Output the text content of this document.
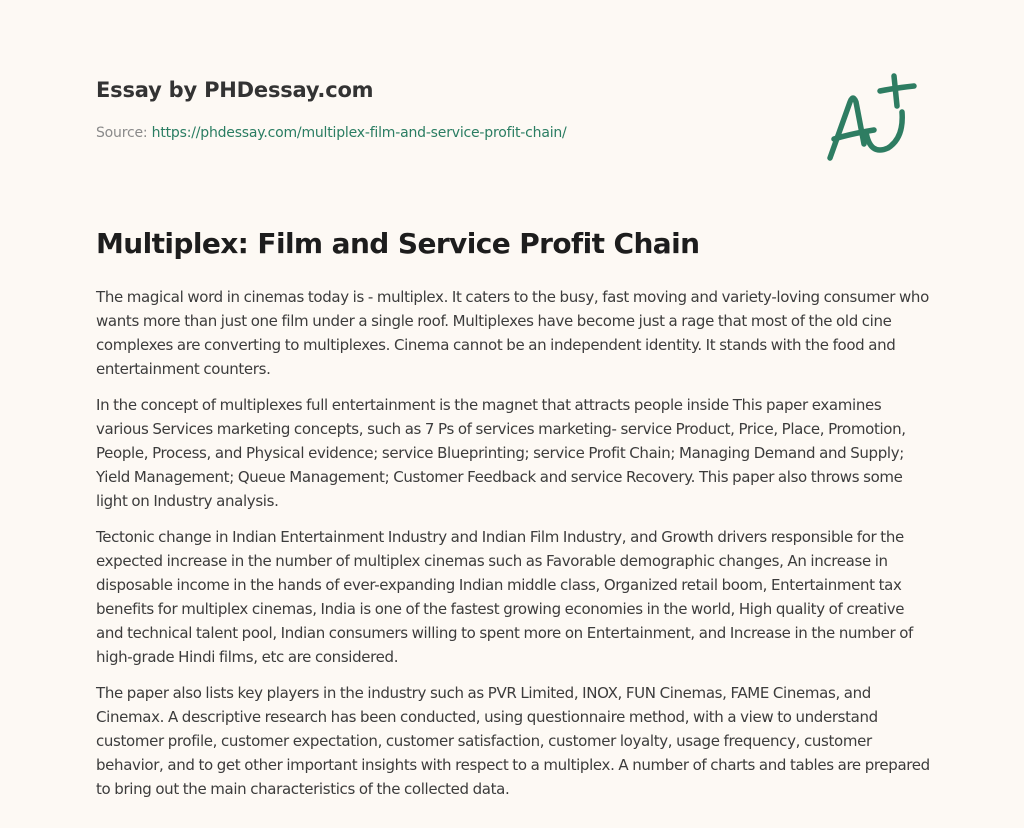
Essay by PHDessay.com
Source: https://phdessay.com/multiplex-film-and-service-profit-chain/
Multiplex: Film and Service Profit Chain

The magical word in cinemas today is - multiplex. It caters to the busy, fast moving and variety-loving consumer who wants more than just one film under a single roof. Multiplexes have become just a rage that most of the old cine complexes are converting to multiplexes. Cinema cannot be an independent identity. It stands with the food and entertainment counters.

In the concept of multiplexes full entertainment is the magnet that attracts people inside This paper examines various Services marketing concepts, such as 7 Ps of services marketing- service Product, Price, Place, Promotion, People, Process, and Physical evidence; service Blueprinting; service Profit Chain; Managing Demand and Supply; Yield Management; Queue Management; Customer Feedback and service Recovery. This paper also throws some light on Industry analysis.

Tectonic change in Indian Entertainment Industry and Indian Film Industry, and Growth drivers responsible for the expected increase in the number of multiplex cinemas such as Favorable demographic changes, An increase in disposable income in the hands of ever-expanding Indian middle class, Organized retail boom, Entertainment tax benefits for multiplex cinemas, India is one of the fastest growing economies in the world, High quality of creative and technical talent pool, Indian consumers willing to spent more on Entertainment, and Increase in the number of high-grade Hindi films, etc are considered.

The paper also lists key players in the industry such as PVR Limited, INOX, FUN Cinemas, FAME Cinemas, and Cinemax. A descriptive research has been conducted, using questionnaire method, with a view to understand customer profile, customer expectation, customer satisfaction, customer loyalty, usage frequency, customer behavior, and to get other important insights with respect to a multiplex. A number of charts and tables are prepared to bring out the main characteristics of the collected data.
